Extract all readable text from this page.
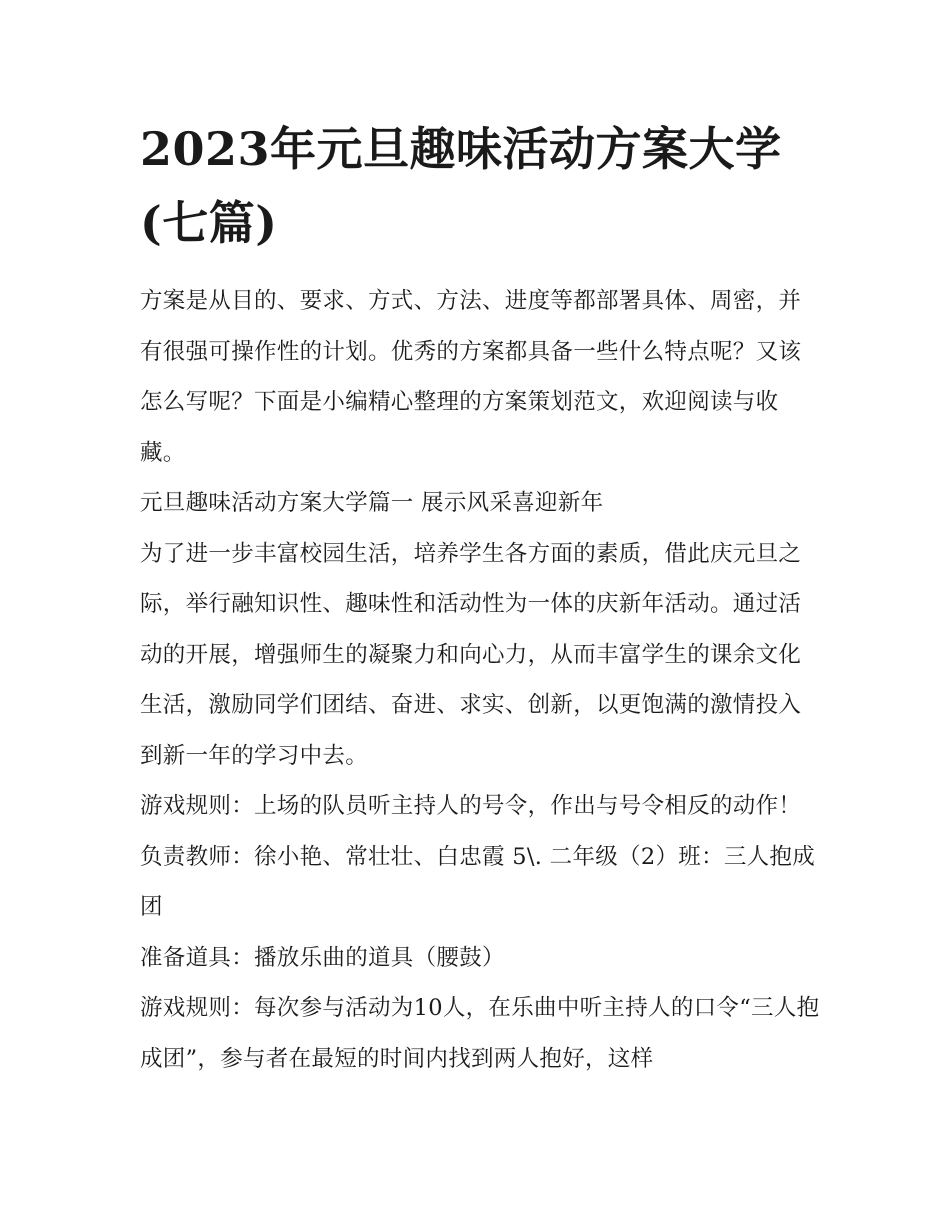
2023年元旦趣味活动方案大学(七篇)

方案是从目的、要求、方式、方法、进度等都部署具体、周密，并有很强可操作性的计划。优秀的方案都具备一些什么特点呢？又该怎么写呢？下面是小编精心整理的方案策划范文，欢迎阅读与收藏。

元旦趣味活动方案大学篇一 展示风采喜迎新年

为了进一步丰富校园生活，培养学生各方面的素质，借此庆元旦之际，举行融知识性、趣味性和活动性为一体的庆新年活动。通过活动的开展，增强师生的凝聚力和向心力，从而丰富学生的课余文化生活，激励同学们团结、奋进、求实、创新，以更饱满的激情投入到新一年的学习中去。

游戏规则：上场的队员听主持人的号令，作出与号令相反的动作！ 负责教师：徐小艳、常壮壮、白忠霞 5\. 二年级（2）班：三人抱成团

准备道具：播放乐曲的道具（腰鼓）

游戏规则：每次参与活动为10人，在乐曲中听主持人的口令“三人抱成团”，参与者在最短的时间内找到两人抱好，这样
